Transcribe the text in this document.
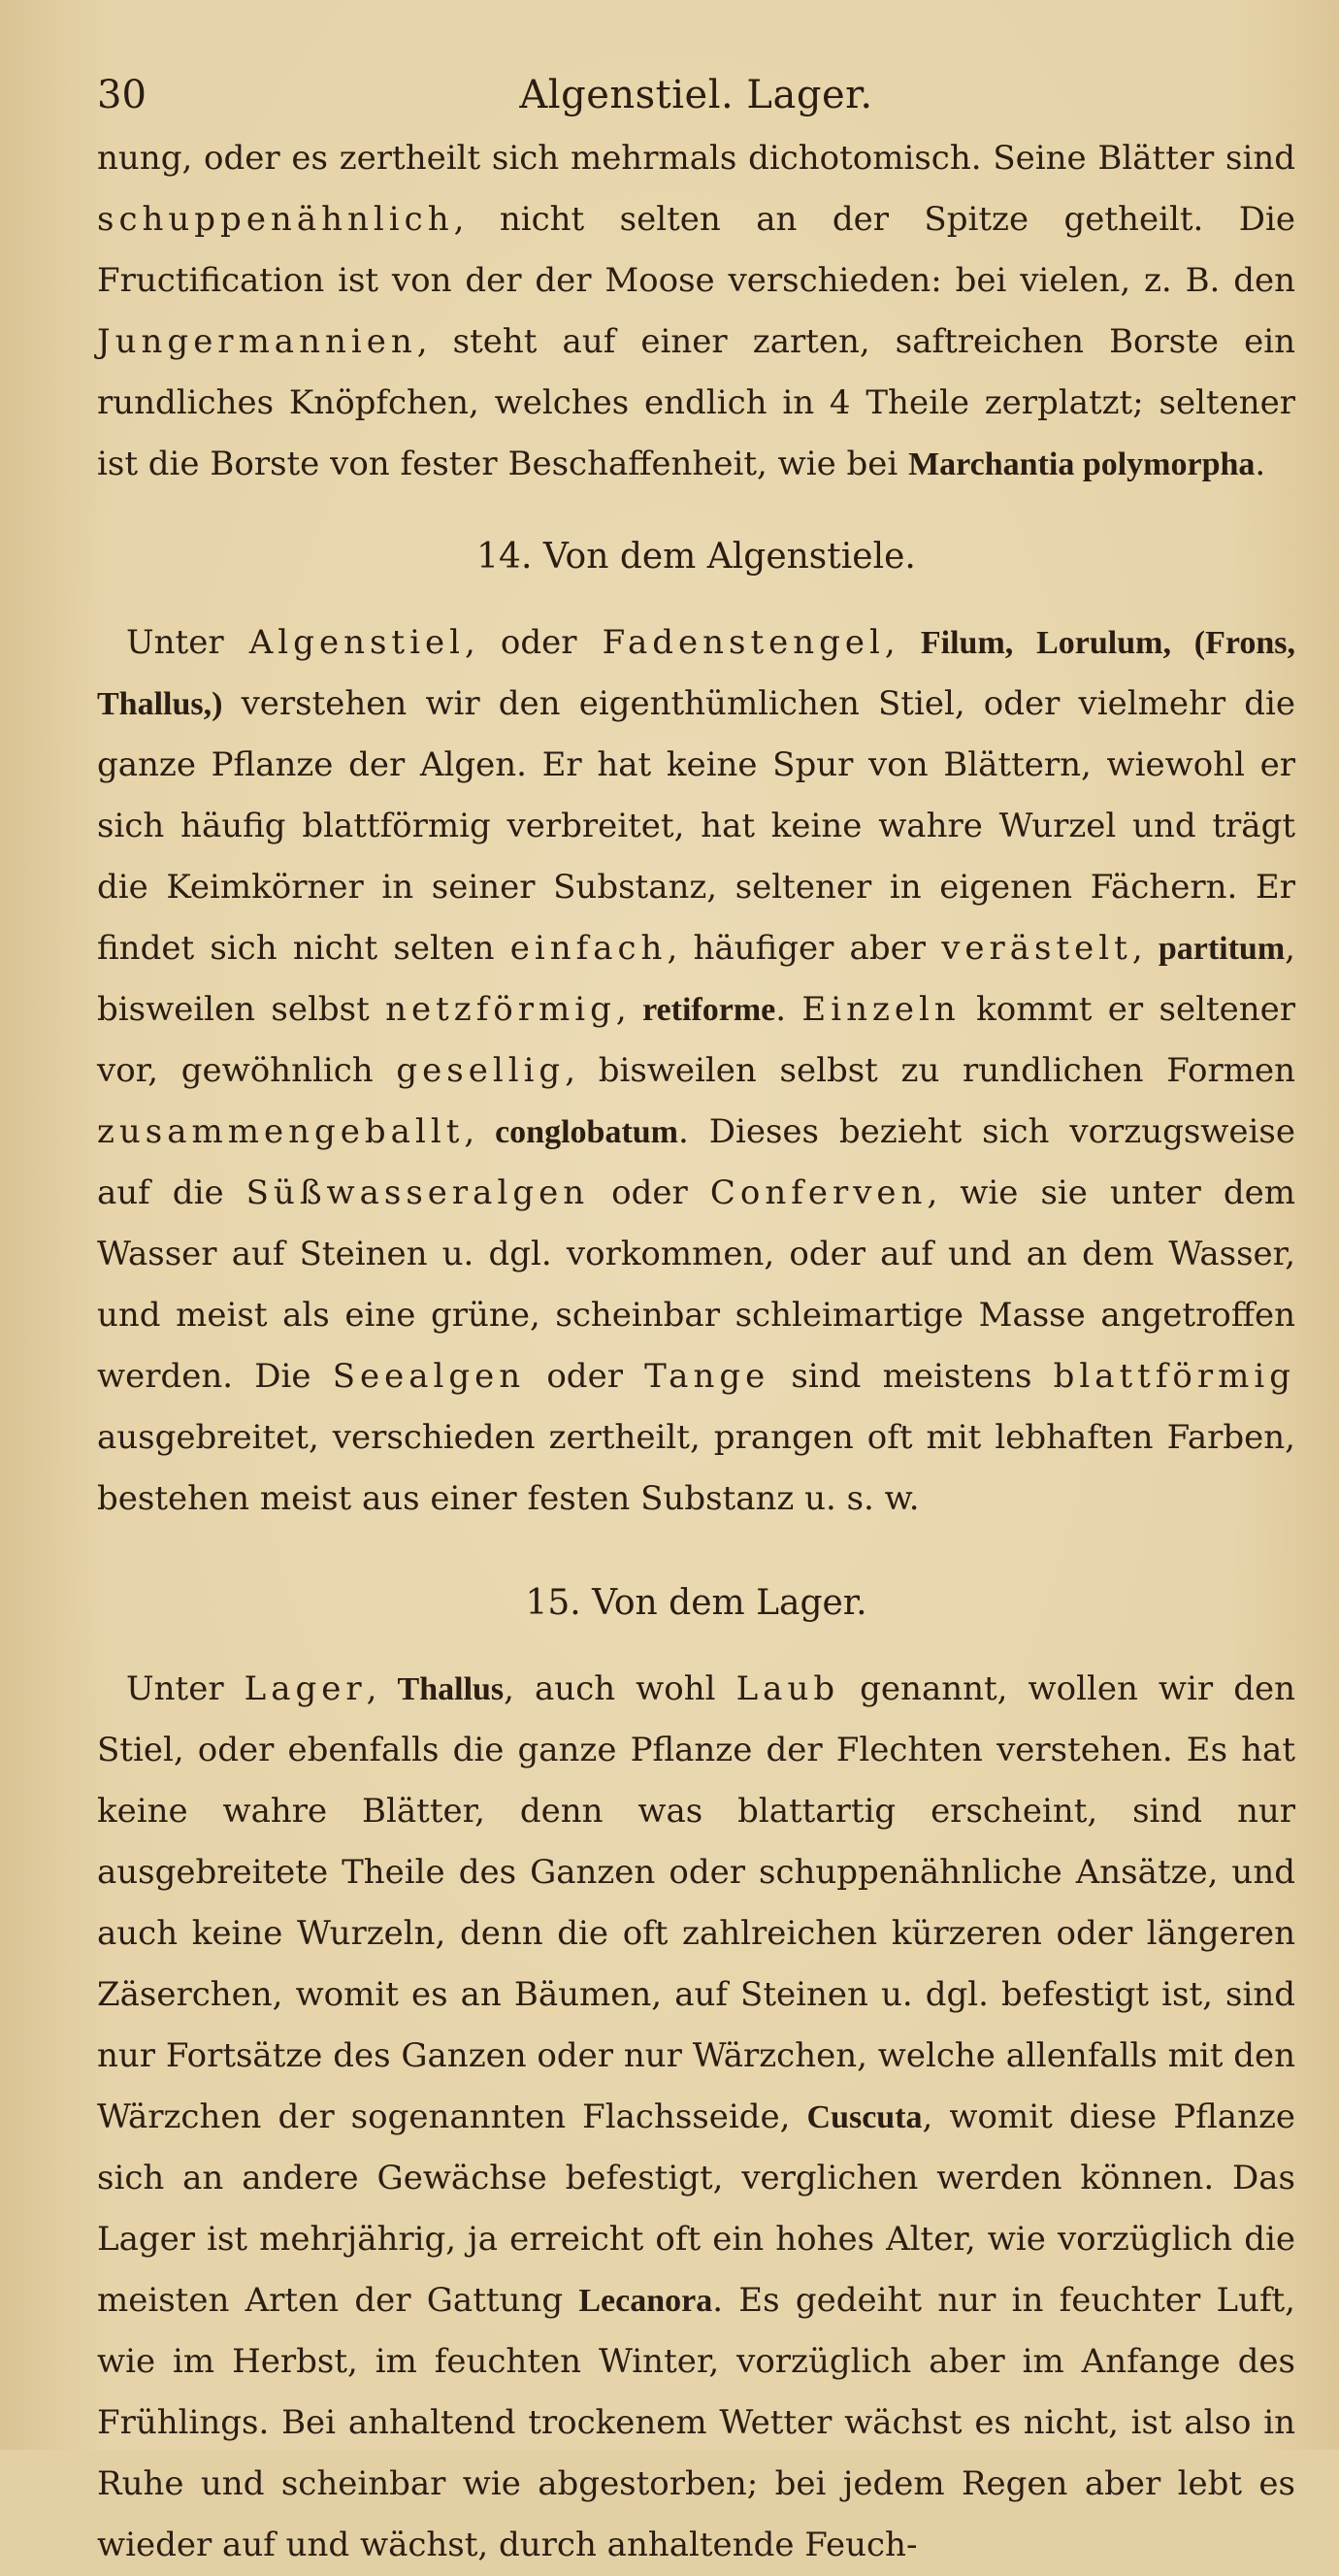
30	Algenstiel. Lager.

nung, oder es zertheilt sich mehrmals dichotomisch. Seine Blätter sind schuppenähnlich, nicht selten an der Spitze getheilt. Die Fructification ist von der der Moose verschieden: bei vielen, z. B. den Jungermannien, steht auf einer zarten, saftreichen Borste ein rundliches Knöpfchen, welches endlich in 4 Theile zerplatzt; seltener ist die Borste von fester Beschaffenheit, wie bei Marchantia polymorpha.

14. Von dem Algenstiele.

Unter Algenstiel, oder Fadenstengel, Filum, Lorulum, (Frons, Thallus,) verstehen wir den eigenthümlichen Stiel, oder vielmehr die ganze Pflanze der Algen. Er hat keine Spur von Blättern, wiewohl er sich häufig blattförmig verbreitet, hat keine wahre Wurzel und trägt die Keimkörner in seiner Substanz, seltener in eigenen Fächern. Er findet sich nicht selten einfach, häufiger aber verästelt, partitum, bisweilen selbst netzförmig, retiforme. Einzeln kommt er seltener vor, gewöhnlich gesellig, bisweilen selbst zu rundlichen Formen zusammengeballt, conglobatum. Dieses bezieht sich vorzugsweise auf die Süßwasseralgen oder Conferven, wie sie unter dem Wasser auf Steinen u. dgl. vorkommen, oder auf und an dem Wasser, und meist als eine grüne, scheinbar schleimartige Masse angetroffen werden. Die Seealgen oder Tange sind meistens blattförmig ausgebreitet, verschieden zertheilt, prangen oft mit lebhaften Farben, bestehen meist aus einer festen Substanz u. s. w.

15. Von dem Lager.

Unter Lager, Thallus, auch wohl Laub genannt, wollen wir den Stiel, oder ebenfalls die ganze Pflanze der Flechten verstehen. Es hat keine wahre Blätter, denn was blattartig erscheint, sind nur ausgebreitete Theile des Ganzen oder schuppenähnliche Ansätze, und auch keine Wurzeln, denn die oft zahlreichen kürzeren oder längeren Zäserchen, womit es an Bäumen, auf Steinen u. dgl. befestigt ist, sind nur Fortsätze des Ganzen oder nur Wärzchen, welche allenfalls mit den Wärzchen der sogenannten Flachsseide, Cuscuta, womit diese Pflanze sich an andere Gewächse befestigt, verglichen werden können. Das Lager ist mehrjährig, ja erreicht oft ein hohes Alter, wie vorzüglich die meisten Arten der Gattung Lecanora. Es gedeiht nur in feuchter Luft, wie im Herbst, im feuchten Winter, vorzüglich aber im Anfange des Frühlings. Bei anhaltend trockenem Wetter wächst es nicht, ist also in Ruhe und scheinbar wie abgestorben; bei jedem Regen aber lebt es wieder auf und wächst, durch anhaltende Feuch-
